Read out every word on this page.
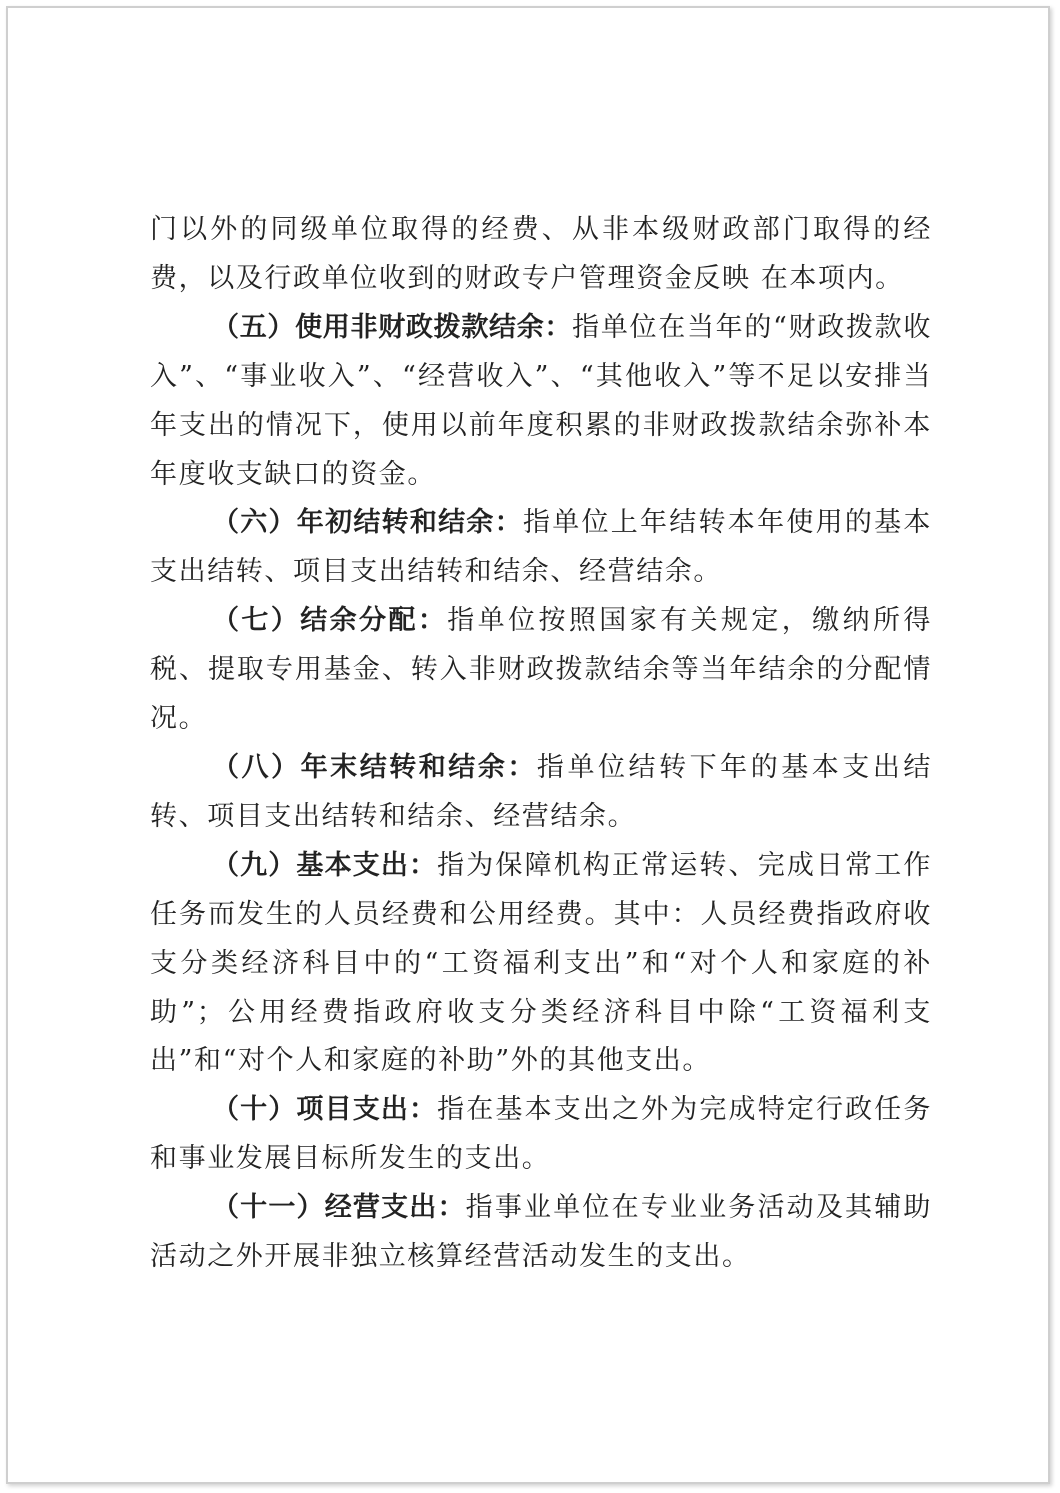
门以外的同级单位取得的经费、从非本级财政部门取得的经费，以及行政单位收到的财政专户管理资金反映 在本项内。

（五）使用非财政拨款结余：指单位在当年的“财政拨款收入”、“事业收入”、“经营收入”、“其他收入”等不足以安排当年支出的情况下，使用以前年度积累的非财政拨款结余弥补本年度收支缺口的资金。

（六）年初结转和结余：指单位上年结转本年使用的基本支出结转、项目支出结转和结余、经营结余。

（七）结余分配：指单位按照国家有关规定，缴纳所得税、提取专用基金、转入非财政拨款结余等当年结余的分配情况。

（八）年末结转和结余：指单位结转下年的基本支出结转、项目支出结转和结余、经营结余。

（九）基本支出：指为保障机构正常运转、完成日常工作任务而发生的人员经费和公用经费。其中：人员经费指政府收支分类经济科目中的“工资福利支出”和“对个人和家庭的补助”；公用经费指政府收支分类经济科目中除“工资福利支出”和“对个人和家庭的补助”外的其他支出。

（十）项目支出：指在基本支出之外为完成特定行政任务和事业发展目标所发生的支出。

（十一）经营支出：指事业单位在专业业务活动及其辅助活动之外开展非独立核算经营活动发生的支出。
